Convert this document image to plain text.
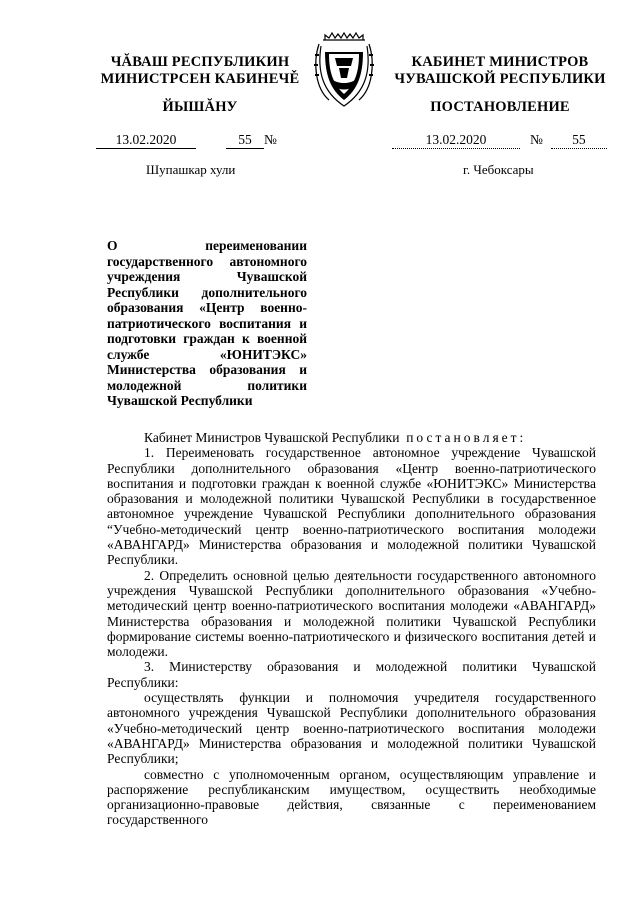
ЧĂВАШ РЕСПУБЛИКИН
МИНИСТРСЕН КАБИНЕЧĚ
ЙЫШĂНУ
КАБИНЕТ МИНИСТРОВ
ЧУВАШСКОЙ РЕСПУБЛИКИ
ПОСТАНОВЛЕНИЕ
13.02.2020	55 №	13.02.2020	№ 55
Шупашкар хули	г. Чебоксары
О переименовании государственного автономного учреждения Чувашской Республики дополнительного образования «Центр военно-патриотического воспитания и подготовки граждан к военной службе «ЮНИТЭКС» Министерства образования и молодежной политики Чувашской Республики

Кабинет Министров Чувашской Республики постановляет:

1. Переименовать государственное автономное учреждение Чувашской Республики дополнительного образования «Центр военно-патриотического воспитания и подготовки граждан к военной службе «ЮНИТЭКС» Министерства образования и молодежной политики Чувашской Республики в государственное автономное учреждение Чувашской Республики дополнительного образования “Учебно-методический центр военно-патриотического воспитания молодежи «АВАНГАРД» Министерства образования и молодежной политики Чувашской Республики.

2. Определить основной целью деятельности государственного автономного учреждения Чувашской Республики дополнительного образования «Учебно-методический центр военно-патриотического воспитания молодежи «АВАНГАРД» Министерства образования и молодежной политики Чувашской Республики формирование системы военно-патриотического и физического воспитания детей и молодежи.

3. Министерству образования и молодежной политики Чувашской Республики:

осуществлять функции и полномочия учредителя государственного автономного учреждения Чувашской Республики дополнительного образования «Учебно-методический центр военно-патриотического воспитания молодежи «АВАНГАРД» Министерства образования и молодежной политики Чувашской Республики;

совместно с уполномоченным органом, осуществляющим управление и распоряжение республиканским имуществом, осуществить необходимые организационно-правовые действия, связанные с переименованием государственного
